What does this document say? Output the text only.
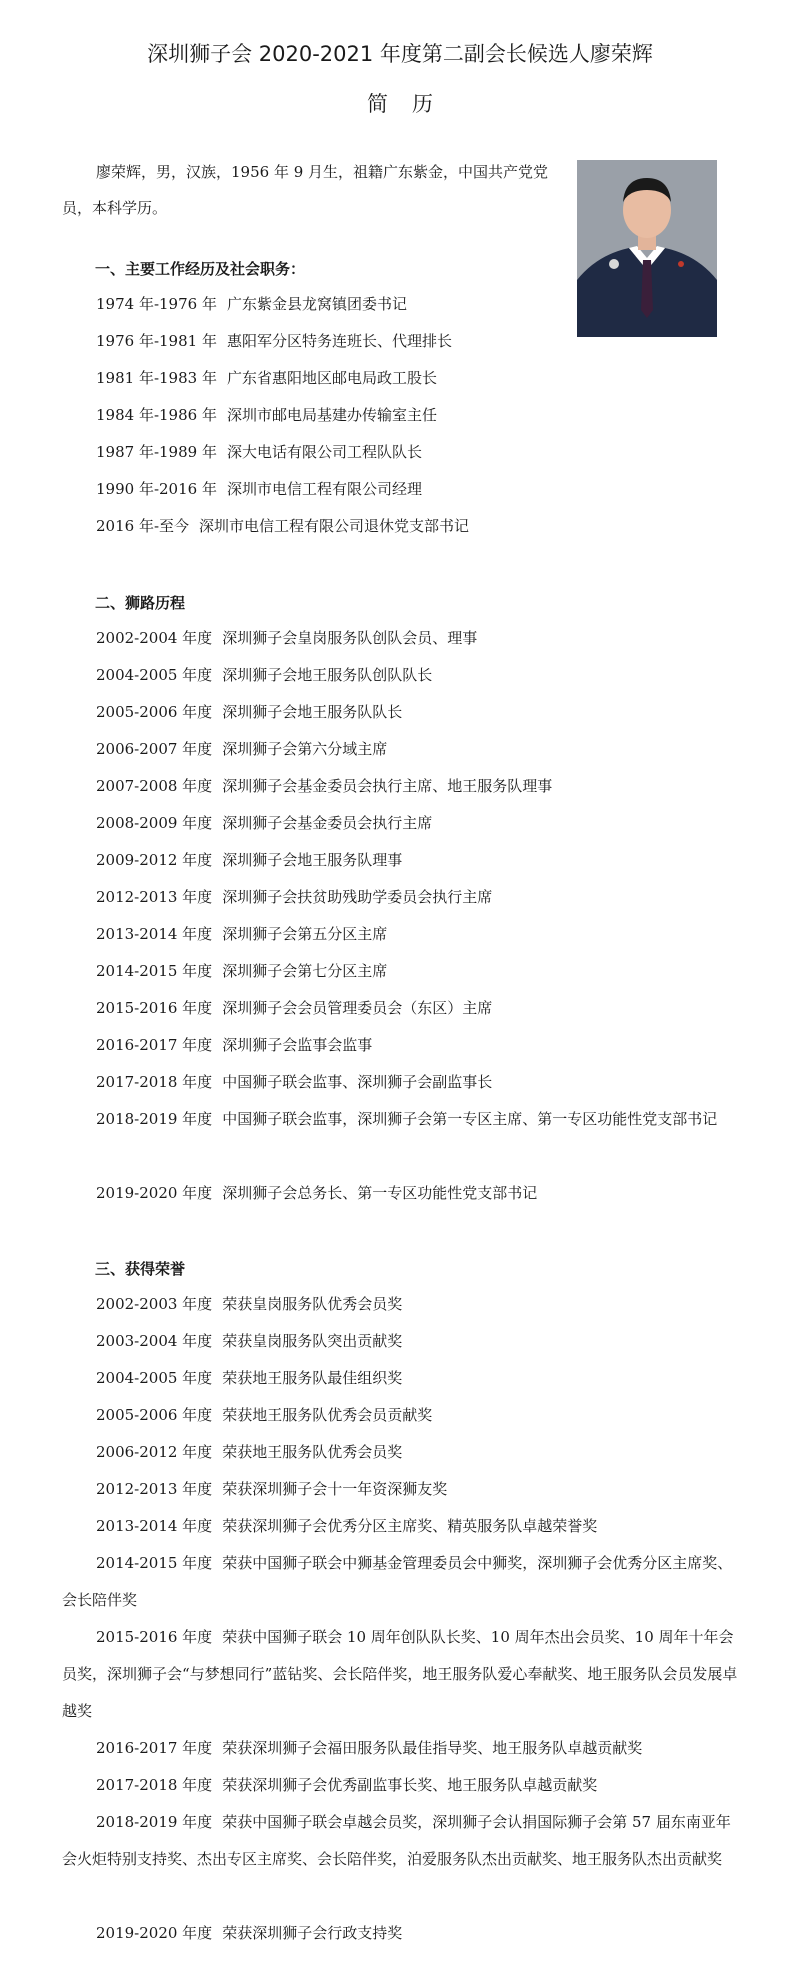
深圳狮子会 2020-2021 年度第二副会长候选人廖荣辉
简历
廖荣辉，男，汉族，1956 年 9 月生，祖籍广东紫金，中国共产党党员，本科学历。
一、主要工作经历及社会职务：
1974 年-1976 年 广东紫金县龙窝镇团委书记
1976 年-1981 年 惠阳军分区特务连班长、代理排长
1981 年-1983 年 广东省惠阳地区邮电局政工股长
1984 年-1986 年 深圳市邮电局基建办传输室主任
1987 年-1989 年 深大电话有限公司工程队队长
1990 年-2016 年 深圳市电信工程有限公司经理
2016 年-至今 深圳市电信工程有限公司退休党支部书记
二、狮路历程
2002-2004 年度 深圳狮子会皇岗服务队创队会员、理事
2004-2005 年度 深圳狮子会地王服务队创队队长
2005-2006 年度 深圳狮子会地王服务队队长
2006-2007 年度 深圳狮子会第六分域主席
2007-2008 年度 深圳狮子会基金委员会执行主席、地王服务队理事
2008-2009 年度 深圳狮子会基金委员会执行主席
2009-2012 年度 深圳狮子会地王服务队理事
2012-2013 年度 深圳狮子会扶贫助残助学委员会执行主席
2013-2014 年度 深圳狮子会第五分区主席
2014-2015 年度 深圳狮子会第七分区主席
2015-2016 年度 深圳狮子会会员管理委员会（东区）主席
2016-2017 年度 深圳狮子会监事会监事
2017-2018 年度 中国狮子联会监事、深圳狮子会副监事长
2018-2019 年度 中国狮子联会监事，深圳狮子会第一专区主席、第一专区功能性党支部书记
2019-2020 年度 深圳狮子会总务长、第一专区功能性党支部书记
三、获得荣誉
2002-2003 年度 荣获皇岗服务队优秀会员奖
2003-2004 年度 荣获皇岗服务队突出贡献奖
2004-2005 年度 荣获地王服务队最佳组织奖
2005-2006 年度 荣获地王服务队优秀会员贡献奖
2006-2012 年度 荣获地王服务队优秀会员奖
2012-2013 年度 荣获深圳狮子会十一年资深狮友奖
2013-2014 年度 荣获深圳狮子会优秀分区主席奖、精英服务队卓越荣誉奖
2014-2015 年度 荣获中国狮子联会中狮基金管理委员会中狮奖，深圳狮子会优秀分区主席奖、会长陪伴奖
2015-2016 年度 荣获中国狮子联会 10 周年创队队长奖、10 周年杰出会员奖、10 周年十年会员奖，深圳狮子会“与梦想同行”蓝钻奖、会长陪伴奖，地王服务队爱心奉献奖、地王服务队会员发展卓越奖
2016-2017 年度 荣获深圳狮子会福田服务队最佳指导奖、地王服务队卓越贡献奖
2017-2018 年度 荣获深圳狮子会优秀副监事长奖、地王服务队卓越贡献奖
2018-2019 年度 荣获中国狮子联会卓越会员奖，深圳狮子会认捐国际狮子会第 57 届东南亚年会火炬特别支持奖、杰出专区主席奖、会长陪伴奖，泊爱服务队杰出贡献奖、地王服务队杰出贡献奖
2019-2020 年度 荣获深圳狮子会行政支持奖
